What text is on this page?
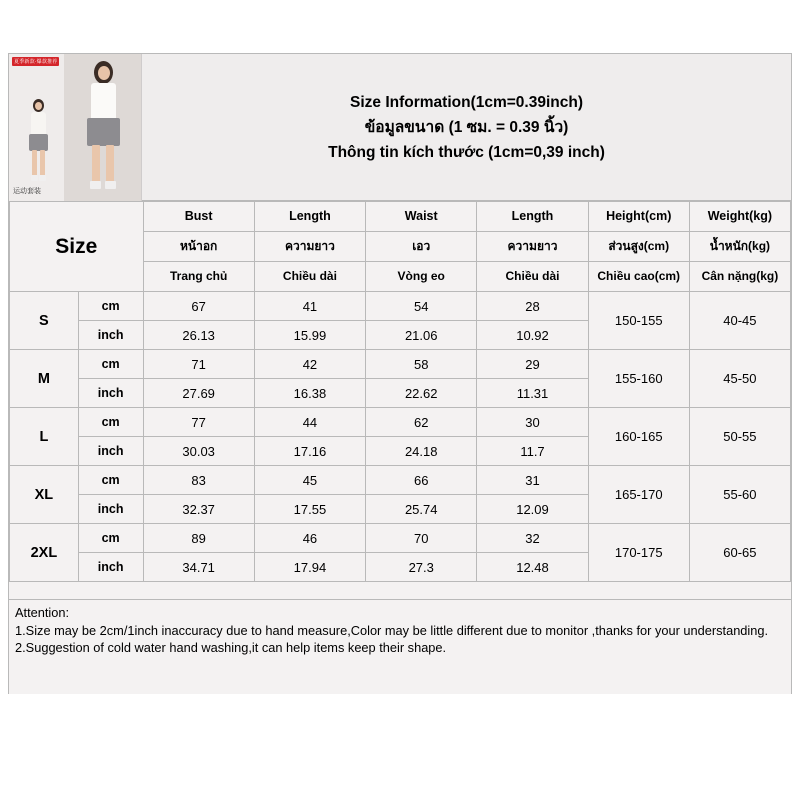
夏季新款·爆款推荐
运动套装
Size Information(1cm=0.39inch)
ข้อมูลขนาด (1 ซม. = 0.39 นิ้ว)
Thông tin kích thước (1cm=0,39 inch)
Size		Bust	Length	Waist	Length	Height(cm)	Weight(kg)
		หน้าอก	ความยาว	เอว	ความยาว	ส่วนสูง(cm)	น้ำหนัก(kg)
		Trang chủ	Chiều dài	Vòng eo	Chiều dài	Chiều cao(cm)	Cân nặng(kg)
S	cm	67	41	54	28	150-155	40-45
	inch	26.13	15.99	21.06	10.92		
M	cm	71	42	58	29	155-160	45-50
	inch	27.69	16.38	22.62	11.31		
L	cm	77	44	62	30	160-165	50-55
	inch	30.03	17.16	24.18	11.7		
XL	cm	83	45	66	31	165-170	55-60
	inch	32.37	17.55	25.74	12.09		
2XL	cm	89	46	70	32	170-175	60-65
	inch	34.71	17.94	27.3	12.48		
Attention:
1.Size may be 2cm/1inch inaccuracy due to hand measure,Color may be little different due to monitor ,thanks for your understanding.
2.Suggestion of cold water hand washing,it can help items keep their shape.
